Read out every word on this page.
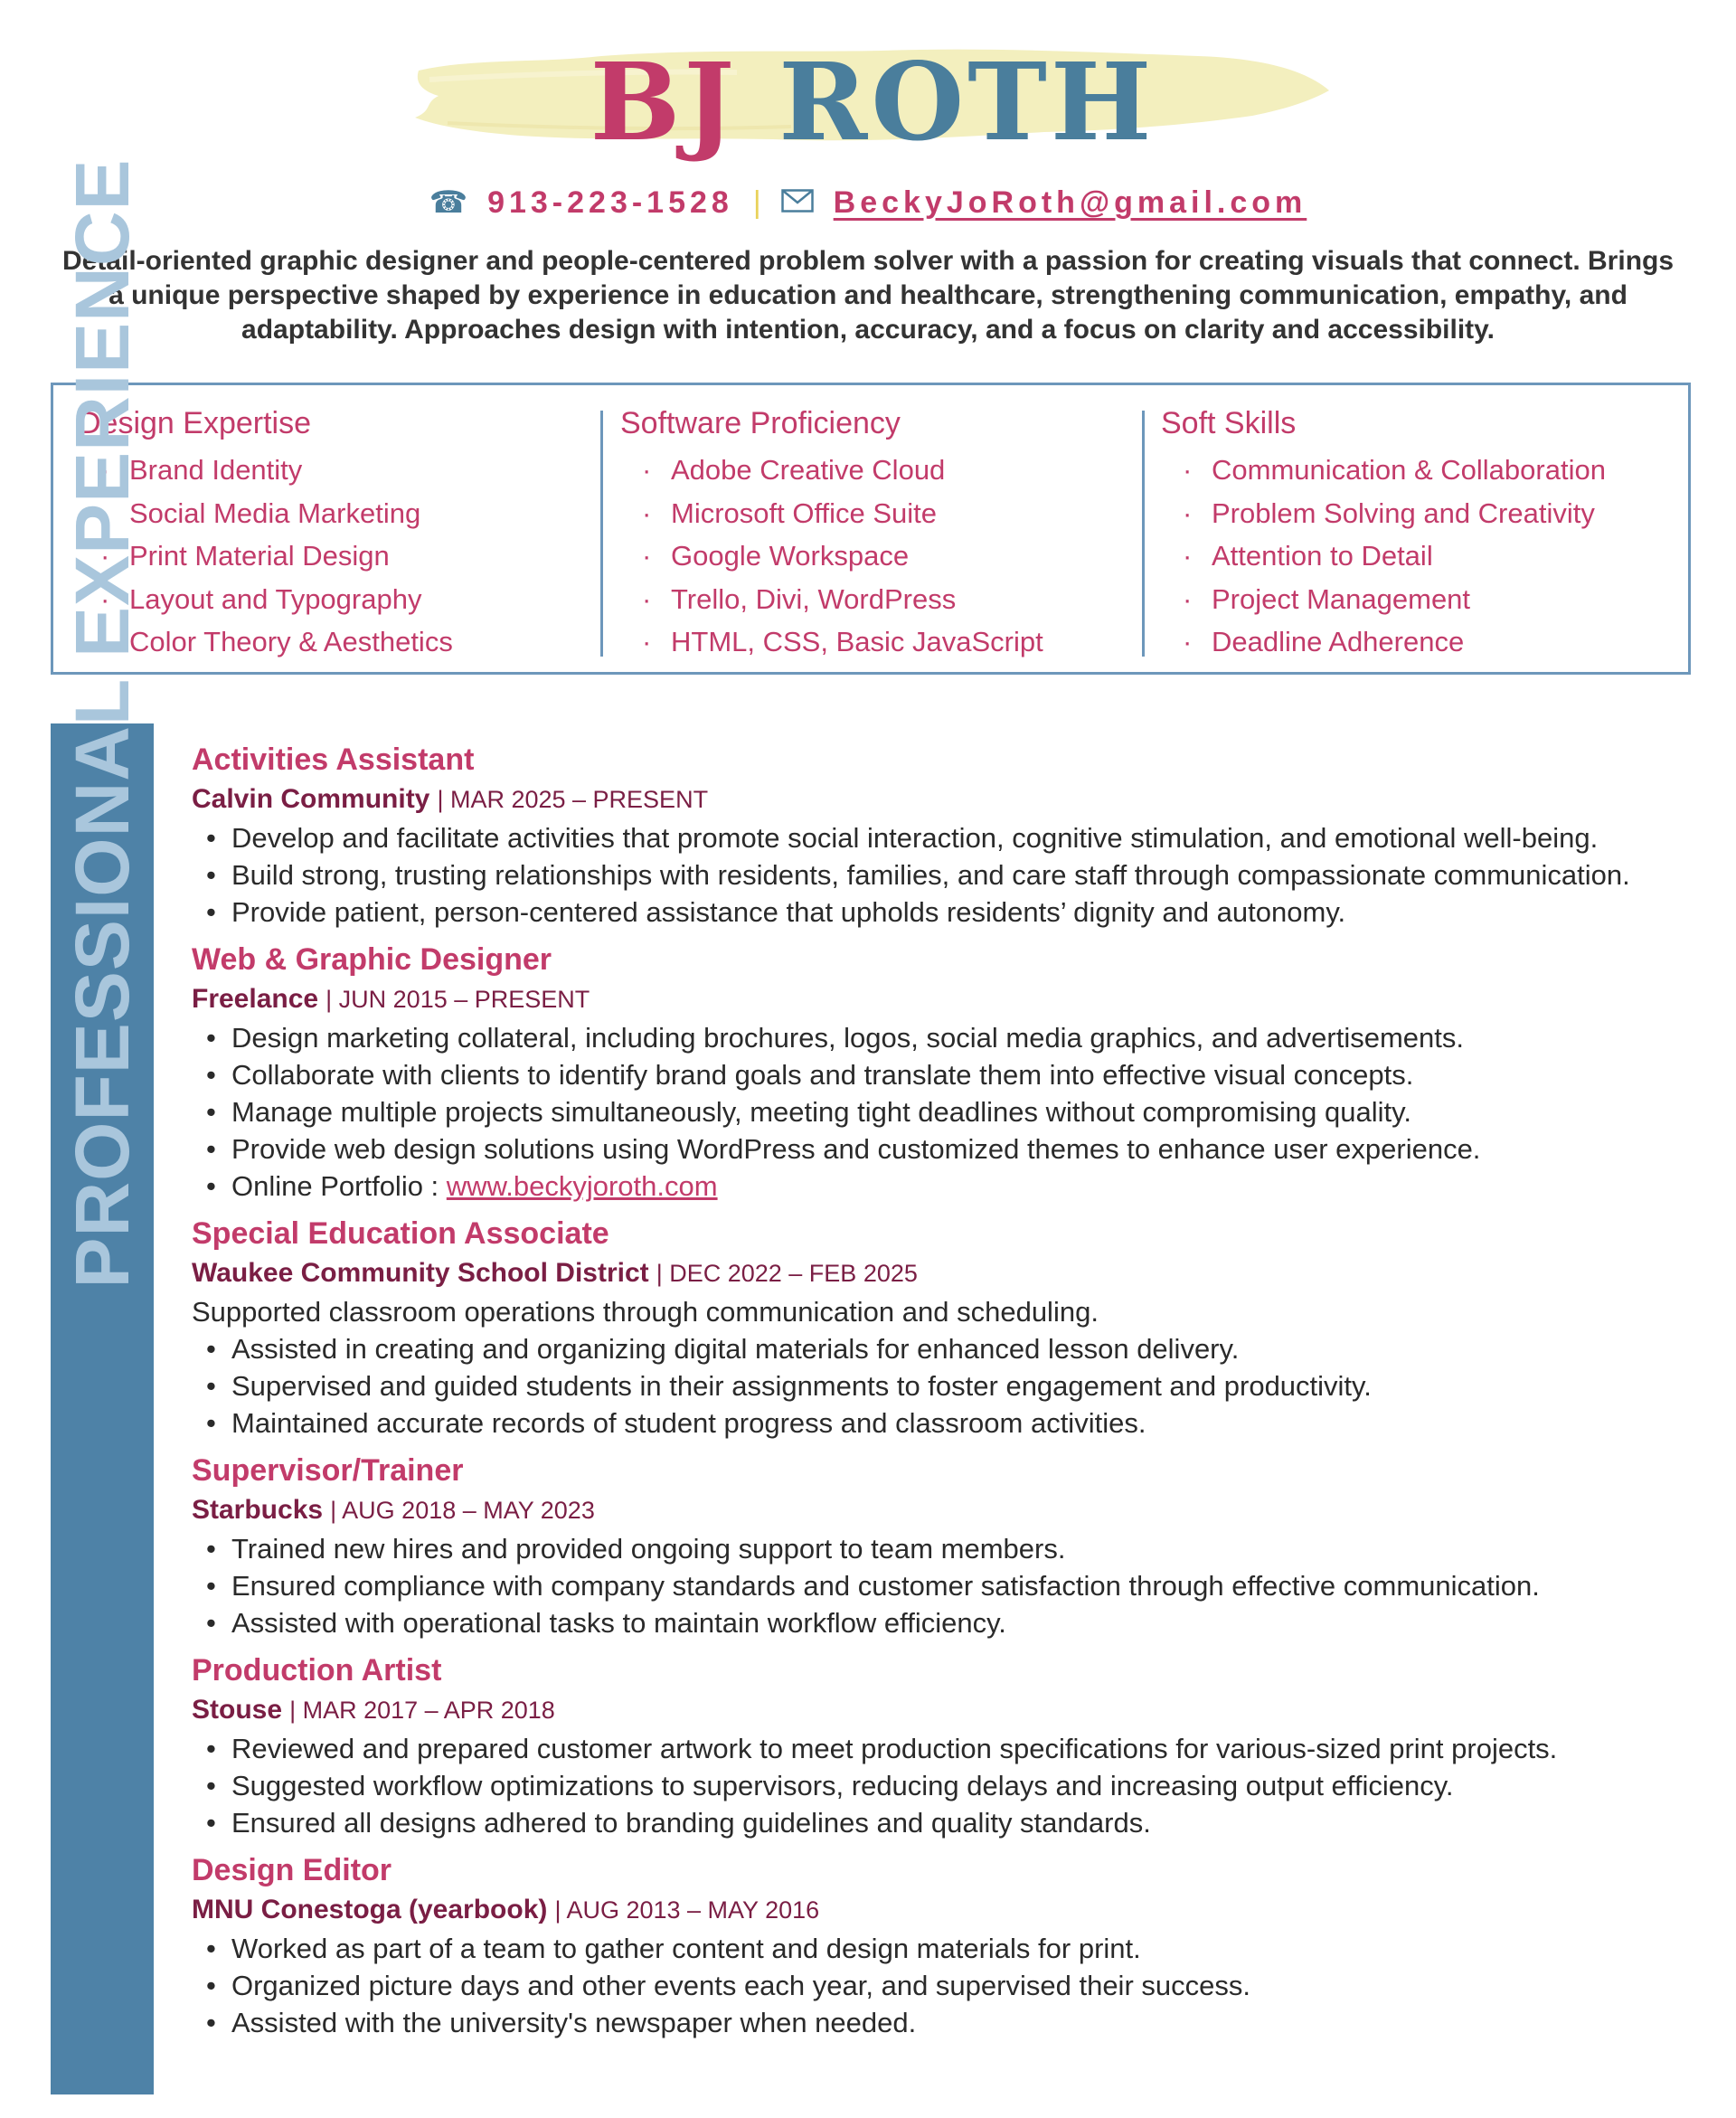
BJ ROTH
☎ 913-223-1528 | BeckyJoRoth@gmail.com
Detail-oriented graphic designer and people-centered problem solver with a passion for creating visuals that connect. Brings a unique perspective shaped by experience in education and healthcare, strengthening communication, empathy, and adaptability. Approaches design with intention, accuracy, and a focus on clarity and accessibility.
Design Expertise
· Brand Identity
· Social Media Marketing
· Print Material Design
· Layout and Typography
· Color Theory & Aesthetics
Software Proficiency
· Adobe Creative Cloud
· Microsoft Office Suite
· Google Workspace
· Trello, Divi, WordPress
· HTML, CSS, Basic JavaScript
Soft Skills
· Communication & Collaboration
· Problem Solving and Creativity
· Attention to Detail
· Project Management
· Deadline Adherence
PROFESSIONAL EXPERIENCE Activities Assistant
Calvin Community | MAR 2025 – PRESENT
• Develop and facilitate activities that promote social interaction, cognitive stimulation, and emotional well-being.
• Build strong, trusting relationships with residents, families, and care staff through compassionate communication.
• Provide patient, person-centered assistance that upholds residents’ dignity and autonomy.
Web & Graphic Designer
Freelance | JUN 2015 – PRESENT
• Design marketing collateral, including brochures, logos, social media graphics, and advertisements.
• Collaborate with clients to identify brand goals and translate them into effective visual concepts.
• Manage multiple projects simultaneously, meeting tight deadlines without compromising quality.
• Provide web design solutions using WordPress and customized themes to enhance user experience.
• Online Portfolio : www.beckyjoroth.com
Special Education Associate
Waukee Community School District | DEC 2022 – FEB 2025
Supported classroom operations through communication and scheduling.
• Assisted in creating and organizing digital materials for enhanced lesson delivery.
• Supervised and guided students in their assignments to foster engagement and productivity.
• Maintained accurate records of student progress and classroom activities.
Supervisor/Trainer
Starbucks | AUG 2018 – MAY 2023
• Trained new hires and provided ongoing support to team members.
• Ensured compliance with company standards and customer satisfaction through effective communication.
• Assisted with operational tasks to maintain workflow efficiency.
Production Artist
Stouse | MAR 2017 – APR 2018
• Reviewed and prepared customer artwork to meet production specifications for various-sized print projects.
• Suggested workflow optimizations to supervisors, reducing delays and increasing output efficiency.
• Ensured all designs adhered to branding guidelines and quality standards.
Design Editor
MNU Conestoga (yearbook) | AUG 2013 – MAY 2016
• Worked as part of a team to gather content and design materials for print.
• Organized picture days and other events each year, and supervised their success.
• Assisted with the university's newspaper when needed.
